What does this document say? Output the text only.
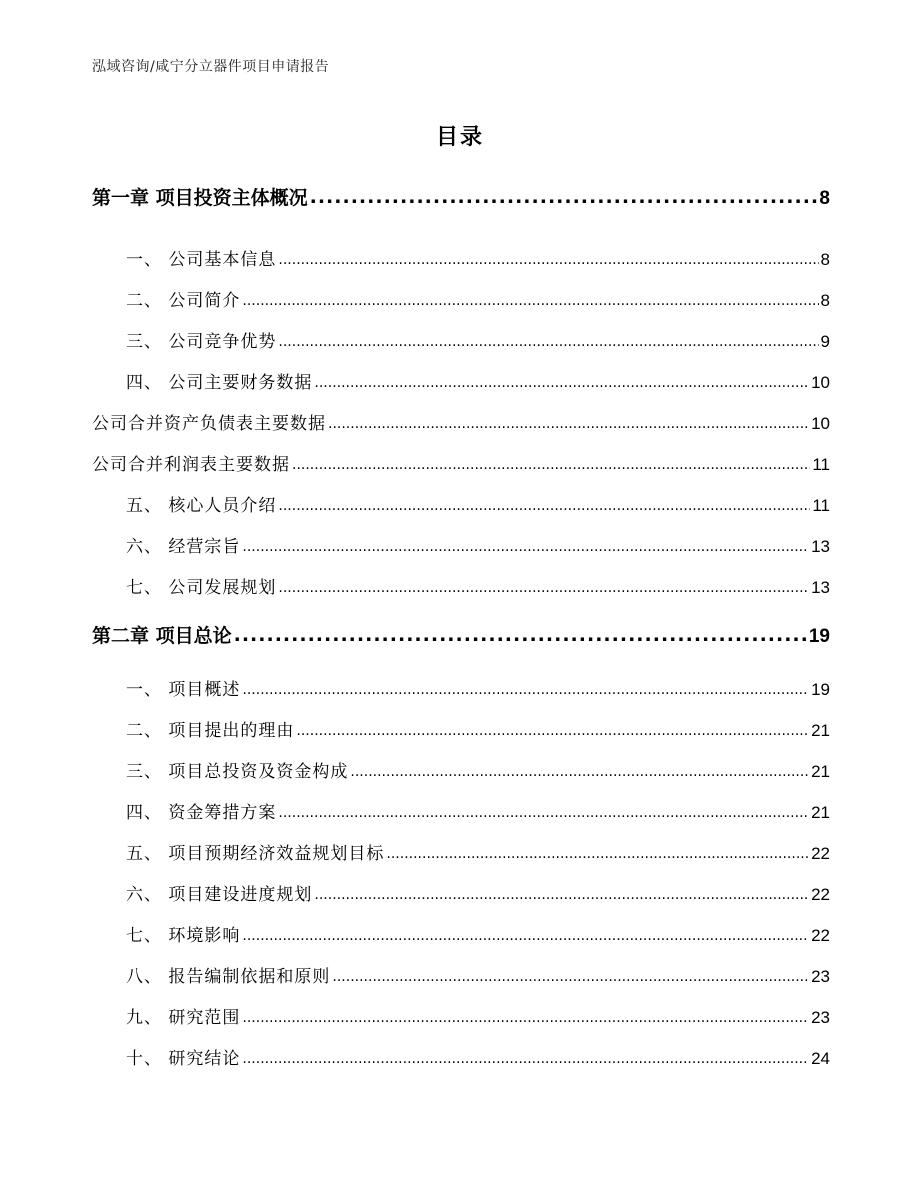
泓域咨询/咸宁分立器件项目申请报告
目录
第一章 项目投资主体概况 .....	8
一、 公司基本信息 .....	8
二、 公司简介 .....	8
三、 公司竞争优势 .....	9
四、 公司主要财务数据 .....	10
公司合并资产负债表主要数据 .....	10
公司合并利润表主要数据 .....	11
五、 核心人员介绍 .....	11
六、 经营宗旨 .....	13
七、 公司发展规划 .....	13
第二章 项目总论 .....	19
一、 项目概述 .....	19
二、 项目提出的理由 .....	21
三、 项目总投资及资金构成 .....	21
四、 资金筹措方案 .....	21
五、 项目预期经济效益规划目标 .....	22
六、 项目建设进度规划 .....	22
七、 环境影响 .....	22
八、 报告编制依据和原则 .....	23
九、 研究范围 .....	23
十、 研究结论 .....	24
